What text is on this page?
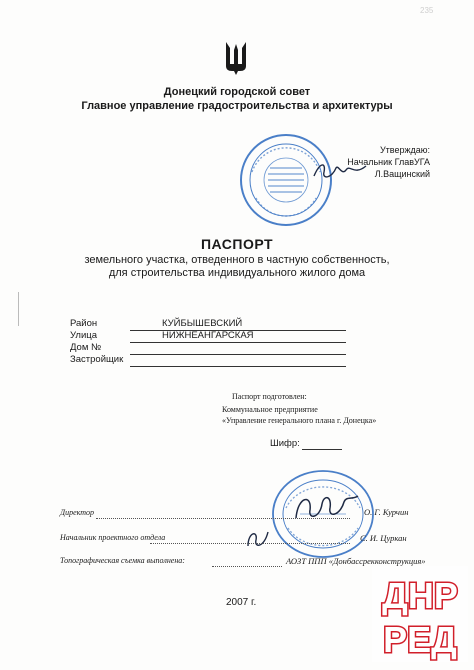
235
Донецкий городской совет
Главное управление градостроительства и архитектуры
Утверждаю:
Начальник ГлавУГА
Л.Ващинский
ПАСПОРТ
земельного участка, отведенного в частную собственность,
для строительства индивидуального жилого дома
Район	КУЙБЫШЕВСКИЙ
Улица	НИЖНЕАНГАРСКАЯ
Дом №
Застройщик
Паспорт подготовлен:
Коммунальное предприятие
«Управление генерального плана г. Донецка»
Шифр:
Директор	О. Г. Курчин
Начальник проектного отдела	С. И. Цуркан
Топографическая съемка выполнена:	АОЗТ ППП «Донбассрекконструкция»
2007 г.	ДНР
РЕД
